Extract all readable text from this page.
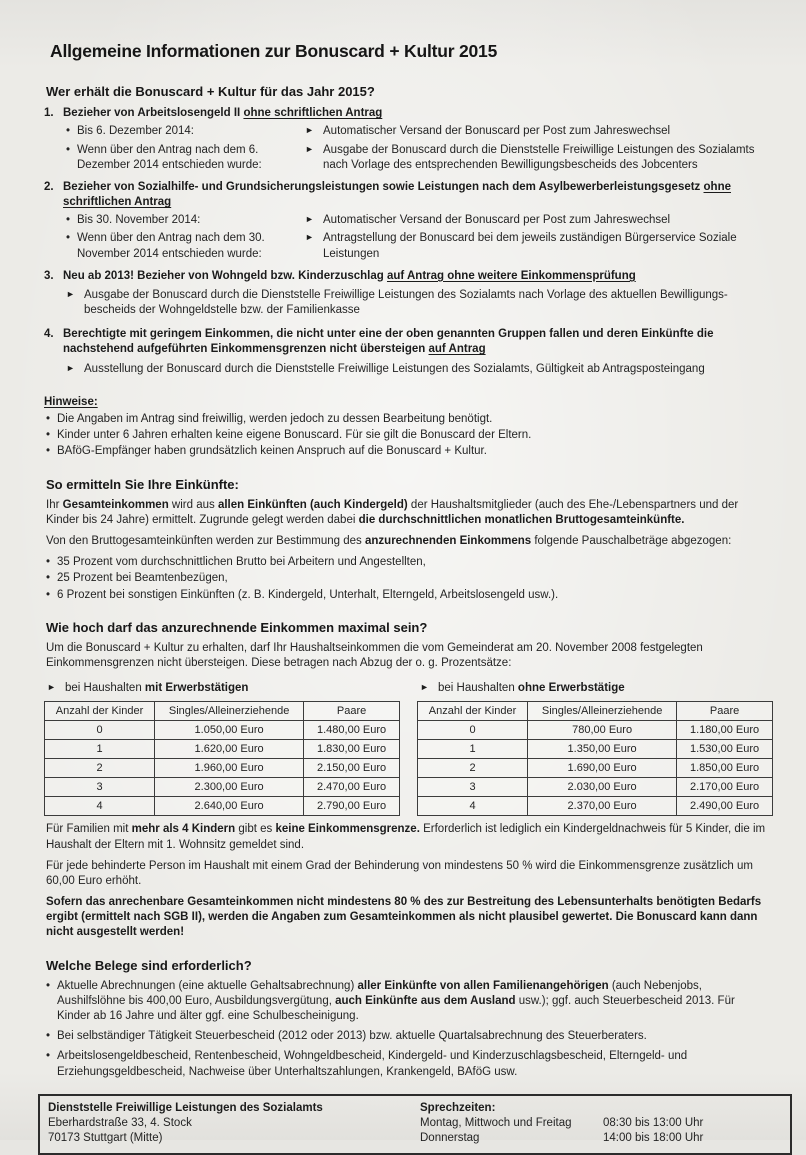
Allgemeine Informationen zur Bonuscard + Kultur 2015
Wer erhält die Bonuscard + Kultur für das Jahr 2015?
1. Bezieher von Arbeitslosengeld II ohne schriftlichen Antrag
• Bis 6. Dezember 2014:	► Automatischer Versand der Bonuscard per Post zum Jahreswechsel
• Wenn über den Antrag nach dem 6. Dezember 2014 entschieden wurde:
► Ausgabe der Bonuscard durch die Dienststelle Freiwillige Leistungen des Sozialamts nach Vorlage des entsprechenden Bewilligungsbescheids des Jobcenters
2. Bezieher von Sozialhilfe- und Grundsicherungsleistungen sowie Leistungen nach dem Asylbewerberleistungsgesetz ohne schriftlichen Antrag
• Bis 30. November 2014:	► Automatischer Versand der Bonuscard per Post zum Jahreswechsel
• Wenn über den Antrag nach dem 30. November 2014 entschieden wurde:
► Antragstellung der Bonuscard bei dem jeweils zuständigen Bürgerservice Soziale Leistungen
3. Neu ab 2013! Bezieher von Wohngeld bzw. Kinderzuschlag auf Antrag ohne weitere Einkommensprüfung
► Ausgabe der Bonuscard durch die Dienststelle Freiwillige Leistungen des Sozialamts nach Vorlage des aktuellen Bewilligungsbescheids der Wohngeldstelle bzw. der Familienkasse
4. Berechtigte mit geringem Einkommen, die nicht unter eine der oben genannten Gruppen fallen und deren Einkünfte die nachstehend aufgeführten Einkommensgrenzen nicht übersteigen auf Antrag
► Ausstellung der Bonuscard durch die Dienststelle Freiwillige Leistungen des Sozialamts, Gültigkeit ab Antragsposteingang
Hinweise:
• Die Angaben im Antrag sind freiwillig, werden jedoch zu dessen Bearbeitung benötigt.
• Kinder unter 6 Jahren erhalten keine eigene Bonuscard. Für sie gilt die Bonuscard der Eltern.
• BAföG-Empfänger haben grundsätzlich keinen Anspruch auf die Bonuscard + Kultur.
So ermitteln Sie Ihre Einkünfte:

Ihr Gesamteinkommen wird aus allen Einkünften (auch Kindergeld) der Haushaltsmitglieder (auch des Ehe-/Lebenspartners und der Kinder bis 24 Jahre) ermittelt. Zugrunde gelegt werden dabei die durchschnittlichen monatlichen Bruttogesamteinkünfte.

Von den Bruttogesamteinkünften werden zur Bestimmung des anzurechnenden Einkommens folgende Pauschalbeträge abgezogen:

• 35 Prozent vom durchschnittlichen Brutto bei Arbeitern und Angestellten,
• 25 Prozent bei Beamtenbezügen,
• 6 Prozent bei sonstigen Einkünften (z. B. Kindergeld, Unterhalt, Elterngeld, Arbeitslosengeld usw.).
Wie hoch darf das anzurechnende Einkommen maximal sein?

Um die Bonuscard + Kultur zu erhalten, darf Ihr Haushaltseinkommen die vom Gemeinderat am 20. November 2008 festgelegten Einkommensgrenzen nicht übersteigen. Diese betragen nach Abzug der o. g. Prozentsätze:

► bei Haushalten mit Erwerbstätigen
Anzahl der Kinder	Singles/Alleinerziehende	Paare
0	1.050,00 Euro	1.480,00 Euro
1	1.620,00 Euro	1.830,00 Euro
2	1.960,00 Euro	2.150,00 Euro
3	2.300,00 Euro	2.470,00 Euro
4	2.640,00 Euro	2.790,00 Euro
► bei Haushalten ohne Erwerbstätige
Anzahl der Kinder	Singles/Alleinerziehende	Paare
0	780,00 Euro	1.180,00 Euro
1	1.350,00 Euro	1.530,00 Euro
2	1.690,00 Euro	1.850,00 Euro
3	2.030,00 Euro	2.170,00 Euro
4	2.370,00 Euro	2.490,00 Euro

Für Familien mit mehr als 4 Kindern gibt es keine Einkommensgrenze. Erforderlich ist lediglich ein Kindergeldnachweis für 5 Kinder, die im Haushalt der Eltern mit 1. Wohnsitz gemeldet sind.

Für jede behinderte Person im Haushalt mit einem Grad der Behinderung von mindestens 50 % wird die Einkommensgrenze zusätzlich um 60,00 Euro erhöht.

Sofern das anrechenbare Gesamteinkommen nicht mindestens 80 % des zur Bestreitung des Lebensunterhalts benötigten Bedarfs ergibt (ermittelt nach SGB II), werden die Angaben zum Gesamteinkommen als nicht plausibel gewertet. Die Bonuscard kann dann nicht ausgestellt werden!

Welche Belege sind erforderlich?
• Aktuelle Abrechnungen (eine aktuelle Gehaltsabrechnung) aller Einkünfte von allen Familienangehörigen (auch Nebenjobs, Aushilfslöhne bis 400,00 Euro, Ausbildungsvergütung, auch Einkünfte aus dem Ausland usw.); ggf. auch Steuerbescheid 2013. Für Kinder ab 16 Jahre und älter ggf. eine Schulbescheinigung.
• Bei selbständiger Tätigkeit Steuerbescheid (2012 oder 2013) bzw. aktuelle Quartalsabrechnung des Steuerberaters.
• Arbeitslosengeldbescheid, Rentenbescheid, Wohngeldbescheid, Kindergeld- und Kinderzuschlagsbescheid, Elterngeld- und Erziehungsgeldbescheid, Nachweise über Unterhaltszahlungen, Krankengeld, BAföG usw.
Dienststelle Freiwillige Leistungen des Sozialamts
Eberhardstraße 33, 4. Stock
70173 Stuttgart (Mitte)
Sprechzeiten:
Montag, Mittwoch und Freitag	08:30 bis 13:00 Uhr
Donnerstag	14:00 bis 18:00 Uhr
